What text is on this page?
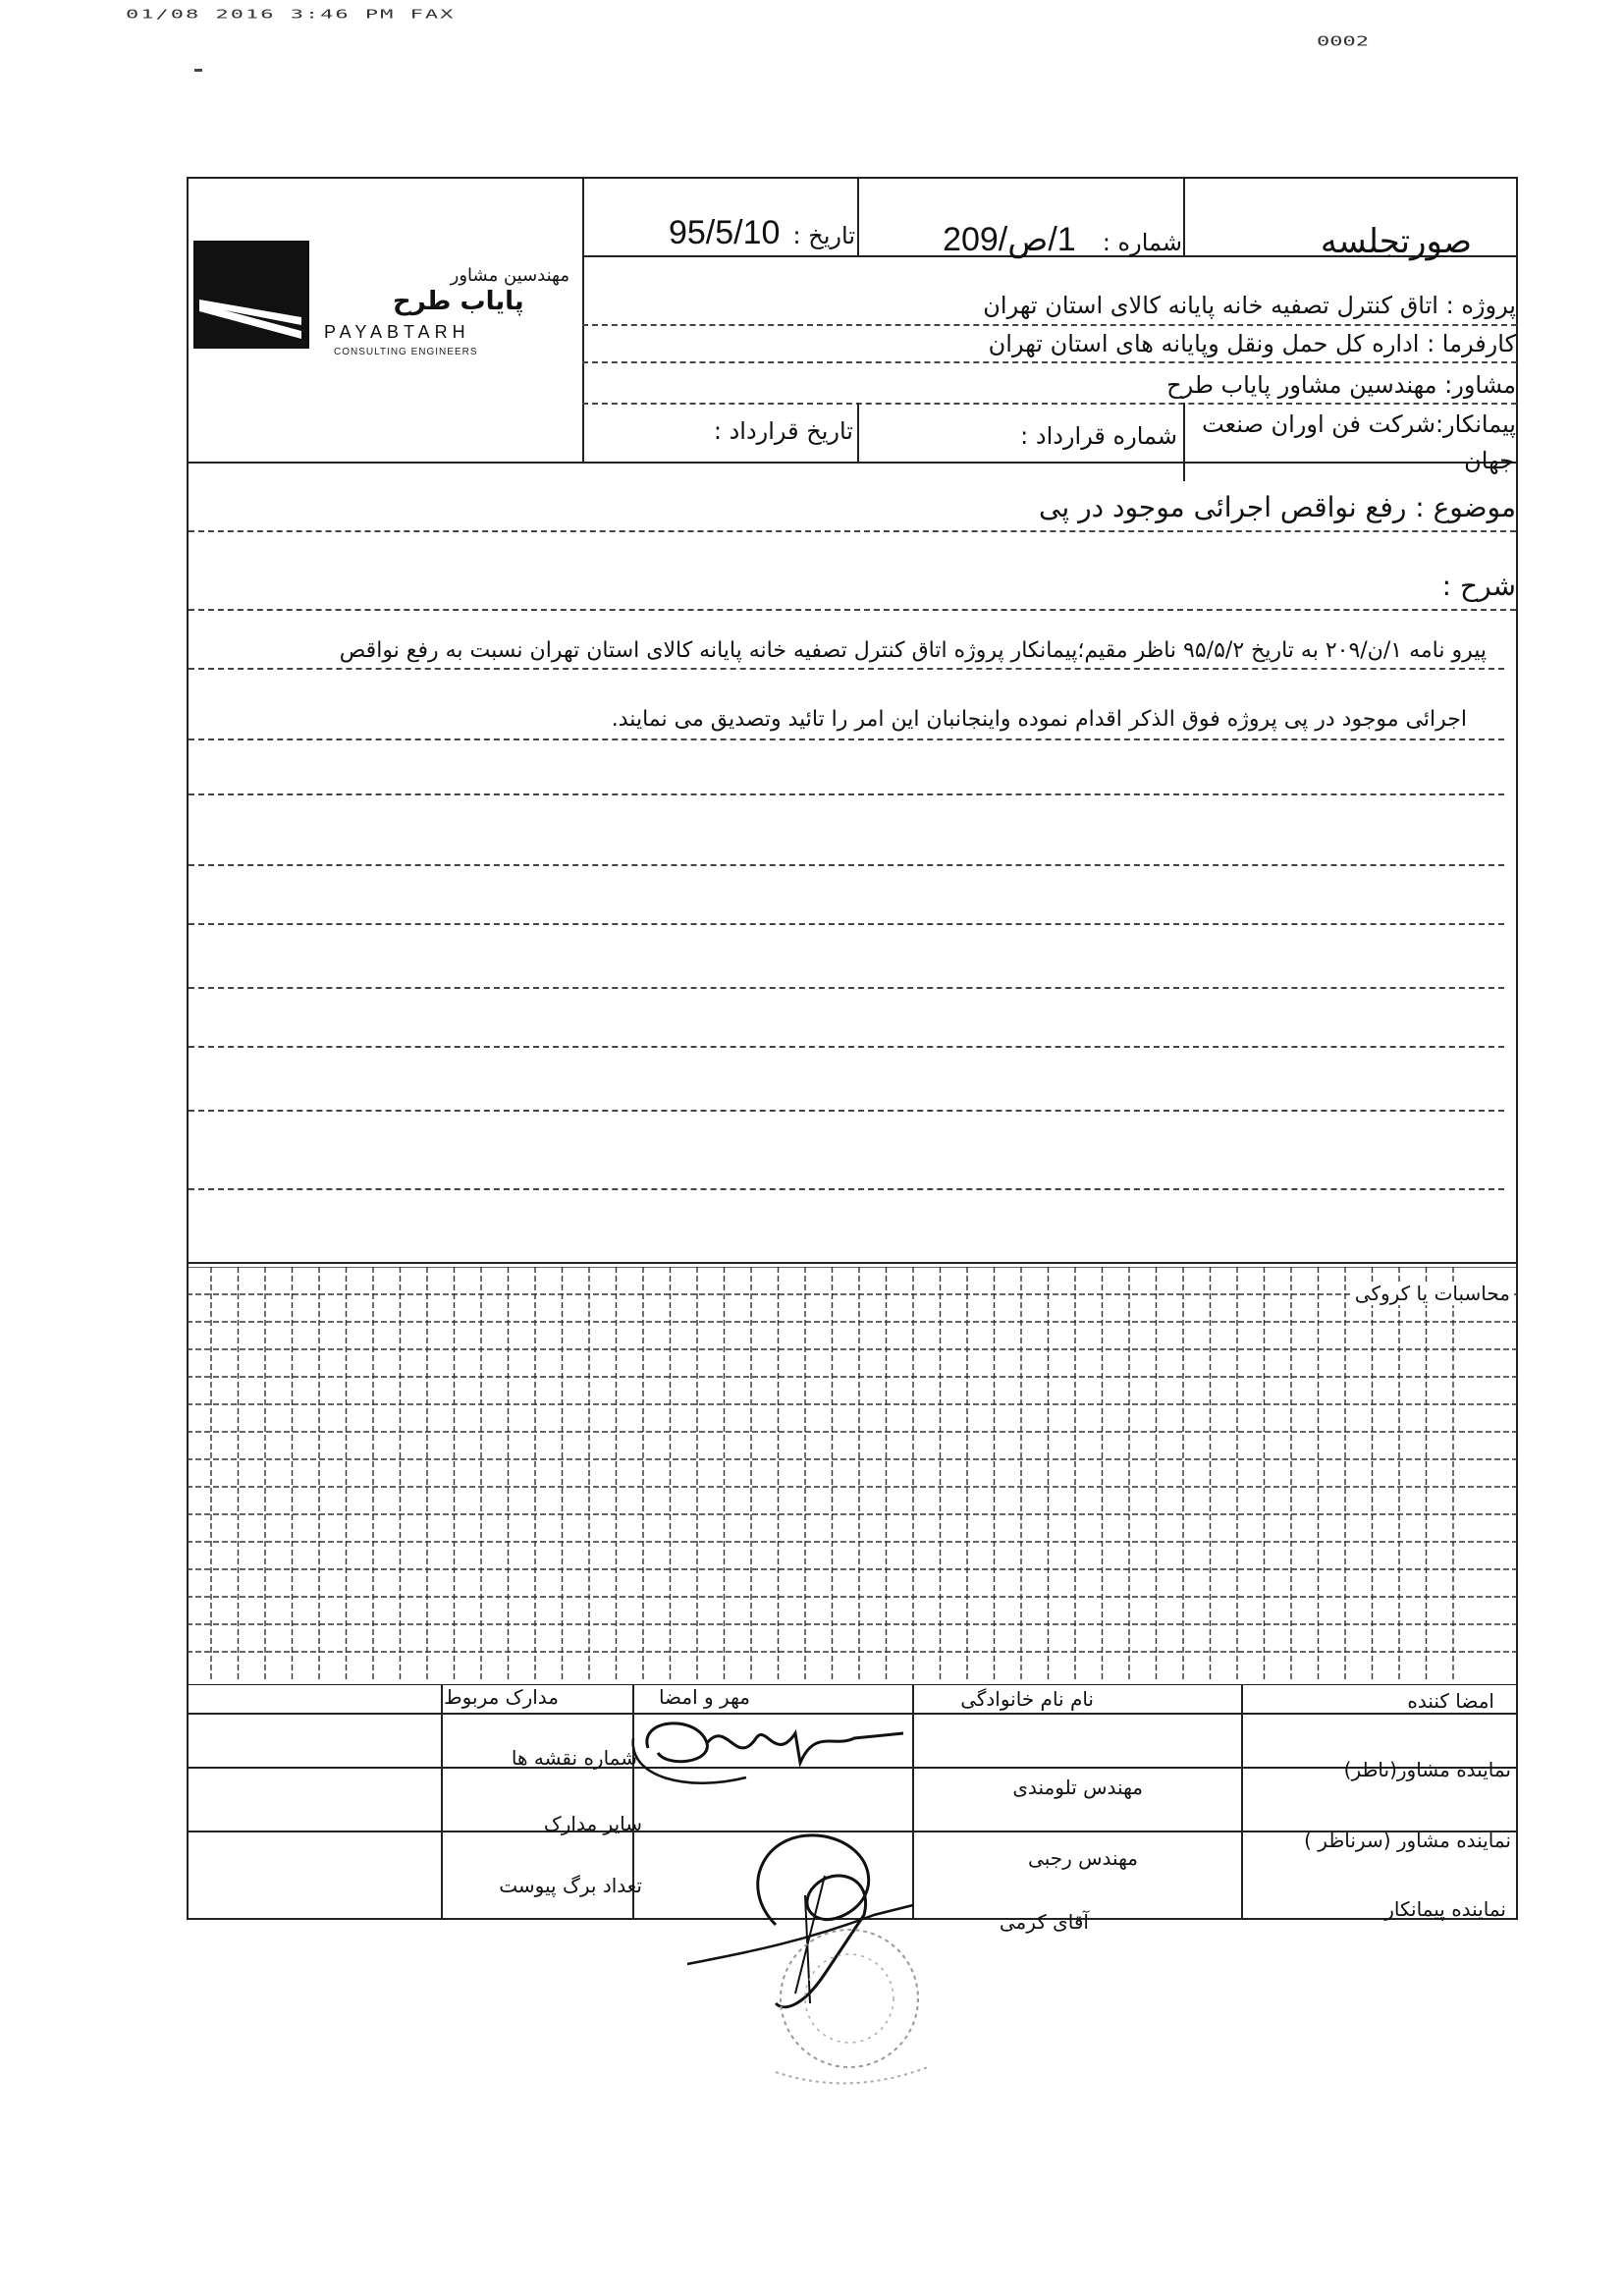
01/08 2016 3:46 PM FAX
0002
مهندسین مشاور
پایاب طرح
PAYABTARH
CONSULTING ENGINEERS
صورتجلسه
شماره : 1/ص/209
تاریخ : 95/5/10
پروژه : اتاق کنترل تصفیه خانه پایانه کالای استان تهران
کارفرما : اداره کل حمل ونقل وپایانه های استان تهران
مشاور: مهندسین مشاور پایاب طرح
پیمانکار:شرکت فن اوران صنعت
جهان
شماره قرارداد :
تاریخ قرارداد :
موضوع : رفع نواقص اجرائی موجود در پی
شرح :
پیرو نامه ۱/ن/۲۰۹ به تاریخ ۹۵/۵/۲ ناظر مقیم؛پیمانکار پروژه اتاق کنترل تصفیه خانه پایانه کالای استان تهران نسبت به رفع نواقص
اجرائی موجود در پی پروژه فوق الذکر اقدام نموده واینجانبان این امر را تائید وتصدیق می نمایند.
محاسبات یا کروکی
امضا کننده
نام نام خانوادگی
مهر و امضا
مدارک مربوط
نماینده مشاور(ناظر)
مهندس تلومندی
شماره نقشه ها
نماینده مشاور (سرناظر )
مهندس رجبی
سایر مدارک
نماینده پیمانکار
آقای کرمی
تعداد برگ پیوست
